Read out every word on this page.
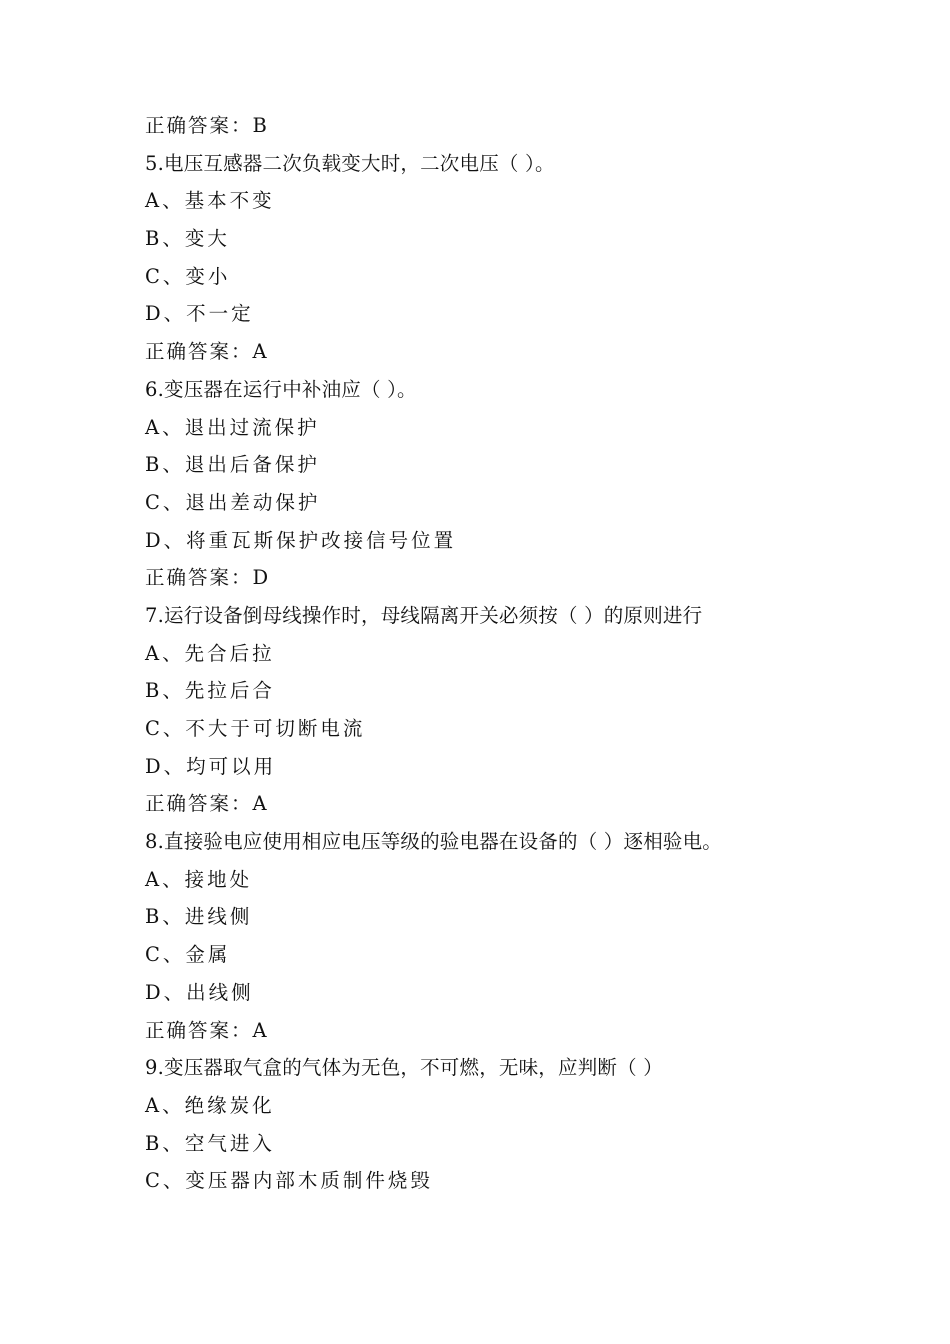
正确答案：B
5.电压互感器二次负载变大时，二次电压（ ）。
A、基本不变
B、变大
C、变小
D、不一定
正确答案：A
6.变压器在运行中补油应（ ）。
A、退出过流保护
B、退出后备保护
C、退出差动保护
D、将重瓦斯保护改接信号位置
正确答案：D
7.运行设备倒母线操作时，母线隔离开关必须按（ ）的原则进行
A、先合后拉
B、先拉后合
C、不大于可切断电流
D、均可以用
正确答案：A
8.直接验电应使用相应电压等级的验电器在设备的（ ）逐相验电。
A、接地处
B、进线侧
C、金属
D、出线侧
正确答案：A
9.变压器取气盒的气体为无色，不可燃，无味，应判断（ ）
A、绝缘炭化
B、空气进入
C、变压器内部木质制件烧毁
